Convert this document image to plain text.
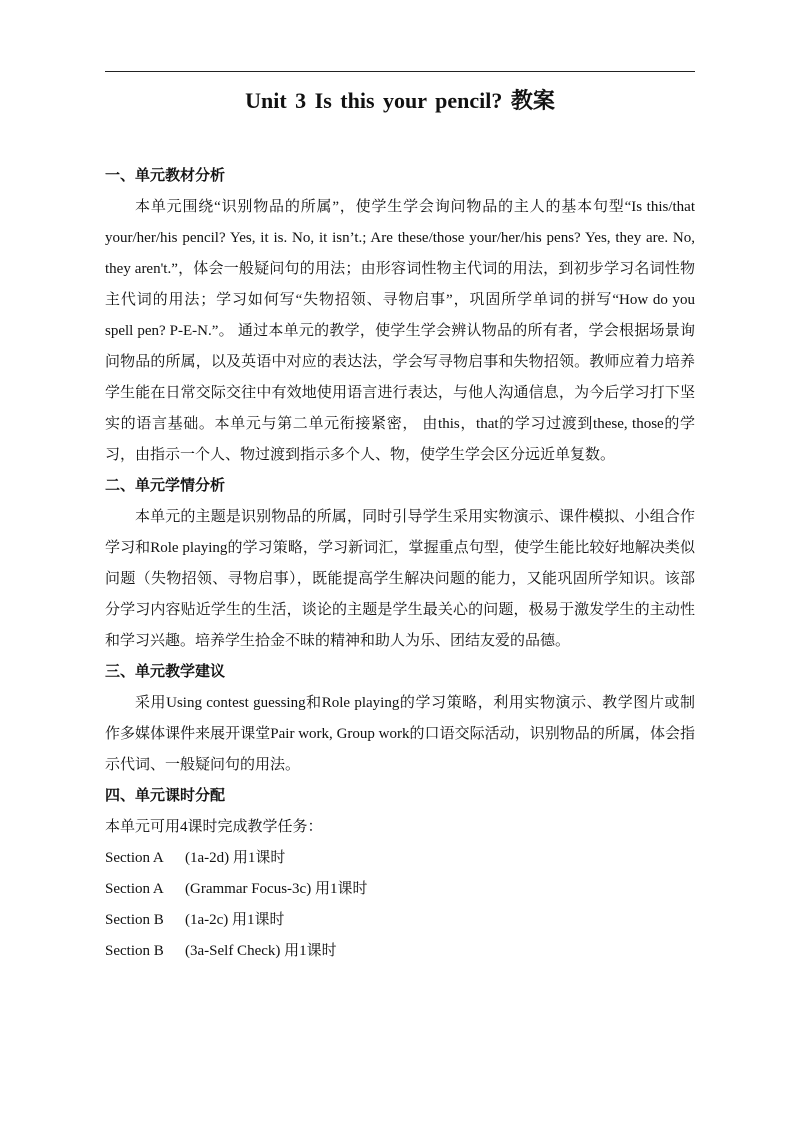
Unit 3 Is this your pencil? 教案
一、单元教材分析
本单元围绕“识别物品的所属”，使学生学会询问物品的主人的基本句型“Is this/that your/her/his pencil? Yes, it is. No, it isn’t.; Are these/those your/her/his pens? Yes, they are. No, they aren't.”，体会一般疑问句的用法；由形容词性物主代词的用法，到初步学习名词性物主代词的用法；学习如何写“失物招领、寻物启事”，巩固所学单词的拼写“How do you spell pen? P-E-N.”。 通过本单元的教学，使学生学会辨认物品的所有者，学会根据场景询问物品的所属，以及英语中对应的表达法，学会写寻物启事和失物招领。教师应着力培养学生能在日常交际交往中有效地使用语言进行表达，与他人沟通信息，为今后学习打下坚实的语言基础。本单元与第二单元衔接紧密， 由this，that的学习过渡到these, those的学习，由指示一个人、物过渡到指示多个人、物，使学生学会区分远近单复数。
二、单元学情分析
本单元的主题是识别物品的所属，同时引导学生采用实物演示、课件模拟、小组合作学习和Role playing的学习策略，学习新词汇，掌握重点句型，使学生能比较好地解决类似问题（失物招领、寻物启事），既能提高学生解决问题的能力，又能巩固所学知识。该部分学习内容贴近学生的生活，谈论的主题是学生最关心的问题，极易于激发学生的主动性和学习兴趣。培养学生拾金不昧的精神和助人为乐、团结友爱的品德。
三、单元教学建议
采用Using contest guessing和Role playing的学习策略，利用实物演示、教学图片或制作多媒体课件来展开课堂Pair work, Group work的口语交际活动，识别物品的所属，体会指示代词、一般疑问句的用法。
四、单元课时分配
本单元可用4课时完成教学任务：
Section A (1a-2d) 用1课时
Section A (Grammar Focus-3c) 用1课时
Section B (1a-2c) 用1课时
Section B (3a-Self Check) 用1课时
